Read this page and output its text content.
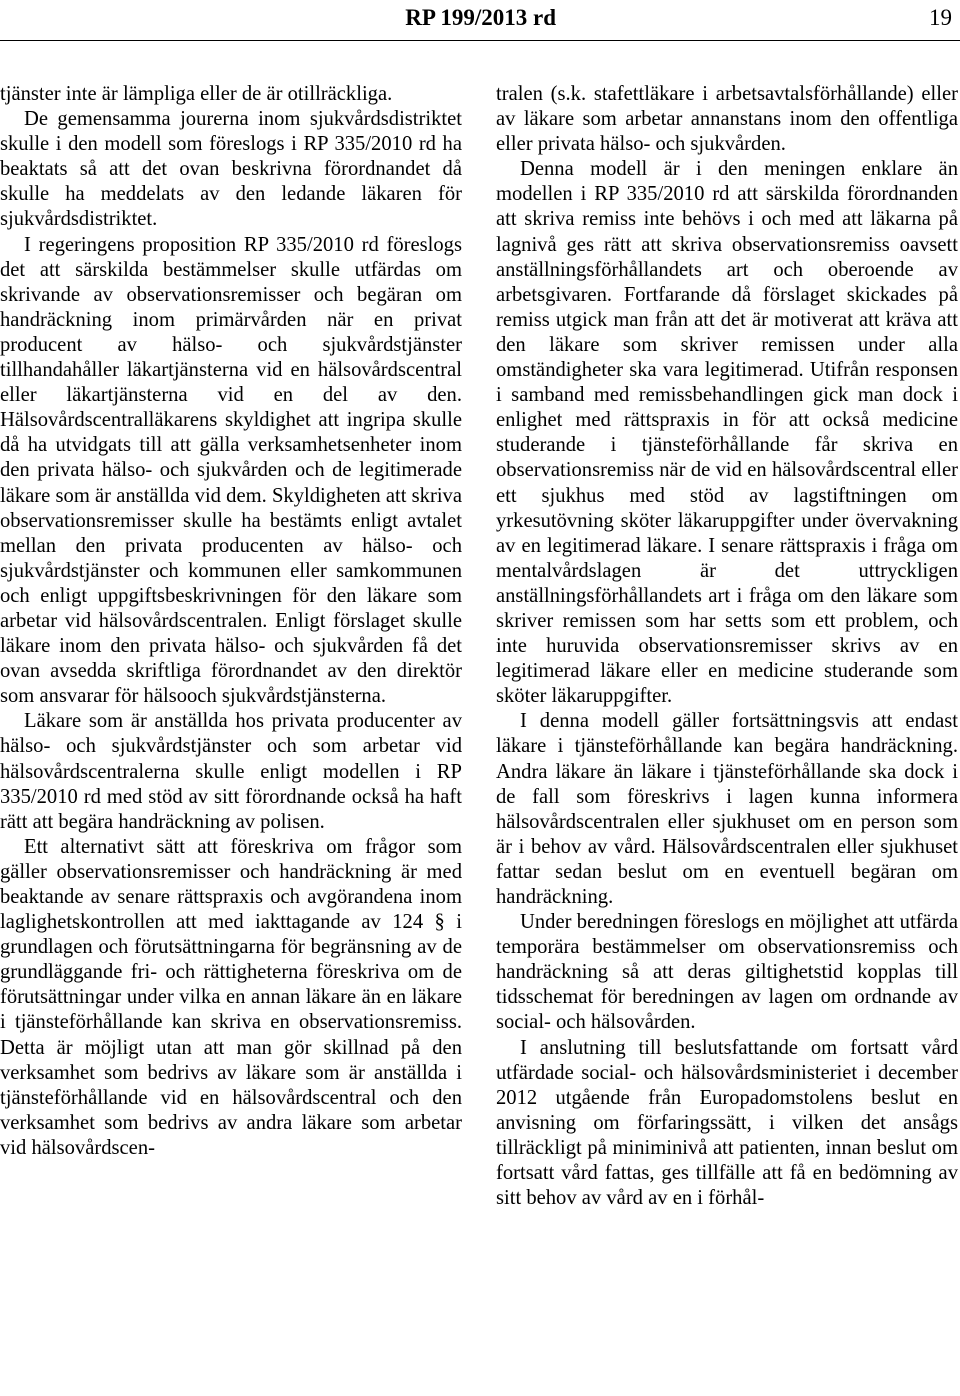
RP 199/2013 rd	19

tjänster inte är lämpliga eller de är otillräckliga.

De gemensamma jourerna inom sjukvårdsdistriktet skulle i den modell som föreslogs i RP 335/2010 rd ha beaktats så att det ovan beskrivna förordnandet då skulle ha meddelats av den ledande läkaren för sjukvårdsdistriktet.

I regeringens proposition RP 335/2010 rd föreslogs det att särskilda bestämmelser skulle utfärdas om skrivande av observationsremisser och begäran om handräckning inom primärvården när en privat producent av hälso- och sjukvårdstjänster tillhandahåller läkartjänsterna vid en hälsovårdscentral eller läkartjänsterna vid en del av den. Hälsovårdscentralläkarens skyldighet att ingripa skulle då ha utvidgats till att gälla verksamhetsenheter inom den privata hälso- och sjukvården och de legitimerade läkare som är anställda vid dem. Skyldigheten att skriva observationsremisser skulle ha bestämts enligt avtalet mellan den privata producenten av hälso- och sjukvårdstjänster och kommunen eller samkommunen och enligt uppgiftsbeskrivningen för den läkare som arbetar vid hälsovårdscentralen. Enligt förslaget skulle läkare inom den privata hälso- och sjukvården få det ovan avsedda skriftliga förordnandet av den direktör som ansvarar för hälsooch sjukvårdstjänsterna.

Läkare som är anställda hos privata producenter av hälso- och sjukvårdstjänster och som arbetar vid hälsovårdscentralerna skulle enligt modellen i RP 335/2010 rd med stöd av sitt förordnande också ha haft rätt att begära handräckning av polisen.

Ett alternativt sätt att föreskriva om frågor som gäller observationsremisser och handräckning är med beaktande av senare rättspraxis och avgörandena inom laglighetskontrollen att med iakttagande av 124 § i grundlagen och förutsättningarna för begränsning av de grundläggande fri- och rättigheterna föreskriva om de förutsättningar under vilka en annan läkare än en läkare i tjänsteförhållande kan skriva en observationsremiss. Detta är möjligt utan att man gör skillnad på den verksamhet som bedrivs av läkare som är anställda i tjänsteförhållande vid en hälsovårdscentral och den verksamhet som bedrivs av andra läkare som arbetar vid hälsovårdscen-

tralen (s.k. stafettläkare i arbetsavtalsförhållande) eller av läkare som arbetar annanstans inom den offentliga eller privata hälso- och sjukvården.

Denna modell är i den meningen enklare än modellen i RP 335/2010 rd att särskilda förordnanden att skriva remiss inte behövs i och med att läkarna på lagnivå ges rätt att skriva observationsremiss oavsett anställningsförhållandets art och oberoende av arbetsgivaren. Fortfarande då förslaget skickades på remiss utgick man från att det är motiverat att kräva att den läkare som skriver remissen under alla omständigheter ska vara legitimerad. Utifrån responsen i samband med remissbehandlingen gick man dock i enlighet med rättspraxis in för att också medicine studerande i tjänsteförhållande får skriva en observationsremiss när de vid en hälsovårdscentral eller ett sjukhus med stöd av lagstiftningen om yrkesutövning sköter läkaruppgifter under övervakning av en legitimerad läkare. I senare rättspraxis i fråga om mentalvårdslagen är det uttryckligen anställningsförhållandets art i fråga om den läkare som skriver remissen som har setts som ett problem, och inte huruvida observationsremisser skrivs av en legitimerad läkare eller en medicine studerande som sköter läkaruppgifter.

I denna modell gäller fortsättningsvis att endast läkare i tjänsteförhållande kan begära handräckning. Andra läkare än läkare i tjänsteförhållande ska dock i de fall som föreskrivs i lagen kunna informera hälsovårdscentralen eller sjukhuset om en person som är i behov av vård. Hälsovårdscentralen eller sjukhuset fattar sedan beslut om en eventuell begäran om handräckning.

Under beredningen föreslogs en möjlighet att utfärda temporära bestämmelser om observationsremiss och handräckning så att deras giltighetstid kopplas till tidsschemat för beredningen av lagen om ordnande av social- och hälsovården.

I anslutning till beslutsfattande om fortsatt vård utfärdade social- och hälsovårdsministeriet i december 2012 utgående från Europadomstolens beslut en anvisning om förfaringssätt, i vilken det ansågs tillräckligt på miniminivå att patienten, innan beslut om fortsatt vård fattas, ges tillfälle att få en bedömning av sitt behov av vård av en i förhål-
